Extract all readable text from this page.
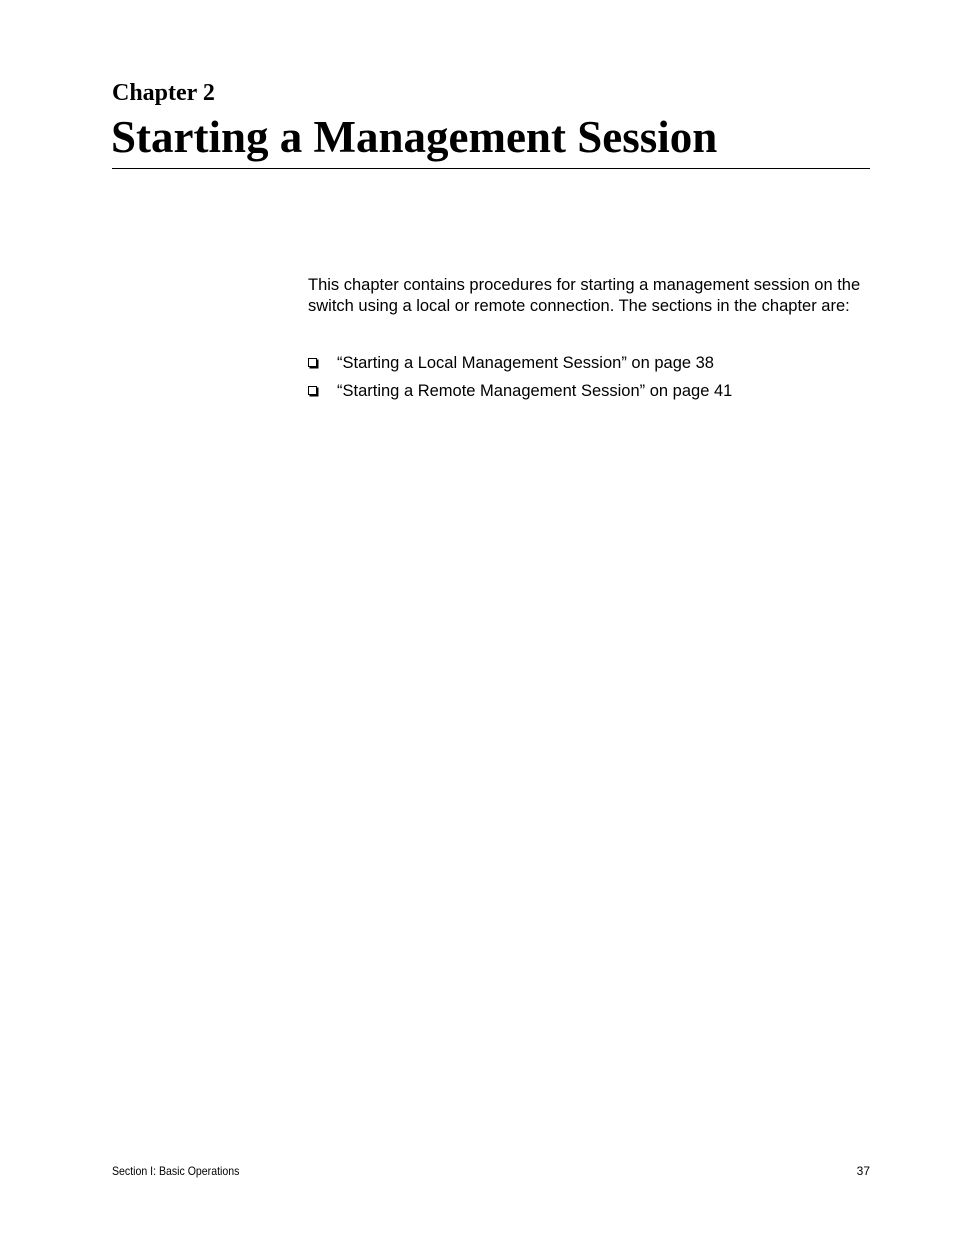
Chapter 2
Starting a Management Session

This chapter contains procedures for starting a management session on the switch using a local or remote connection. The sections in the chapter are:

“Starting a Local Management Session” on page 38
“Starting a Remote Management Session” on page 41
Section I: Basic Operations	37
